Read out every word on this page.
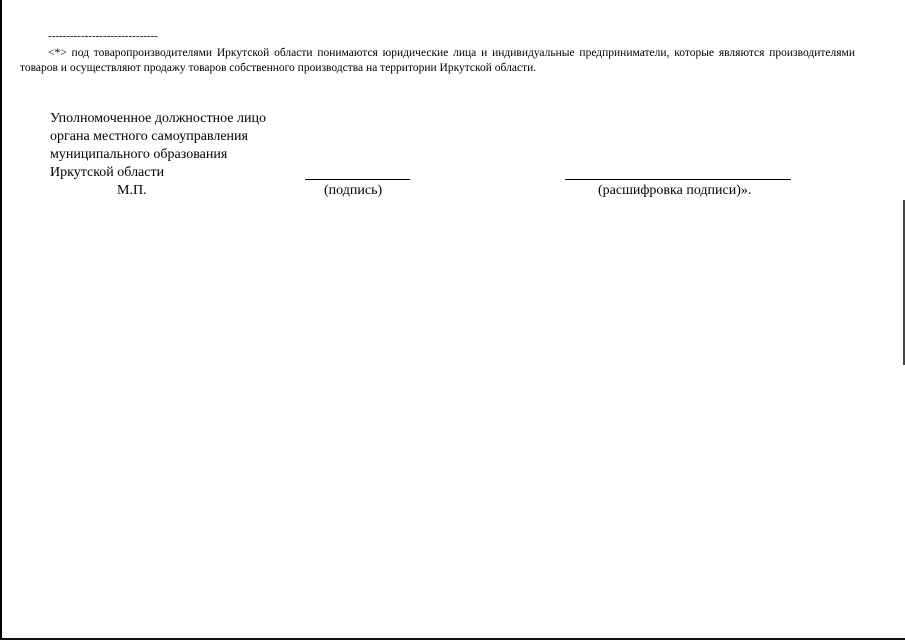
------------------------------
<*> под товаропроизводителями Иркутской области понимаются юридические лица и индивидуальные предприниматели, которые являются производителями товаров и осуществляют продажу товаров собственного производства на территории Иркутской области.
Уполномоченное должностное лицо
органа местного самоуправления
муниципального образования
Иркутской области
М.П.	(подпись)	(расшифровка подписи)».
